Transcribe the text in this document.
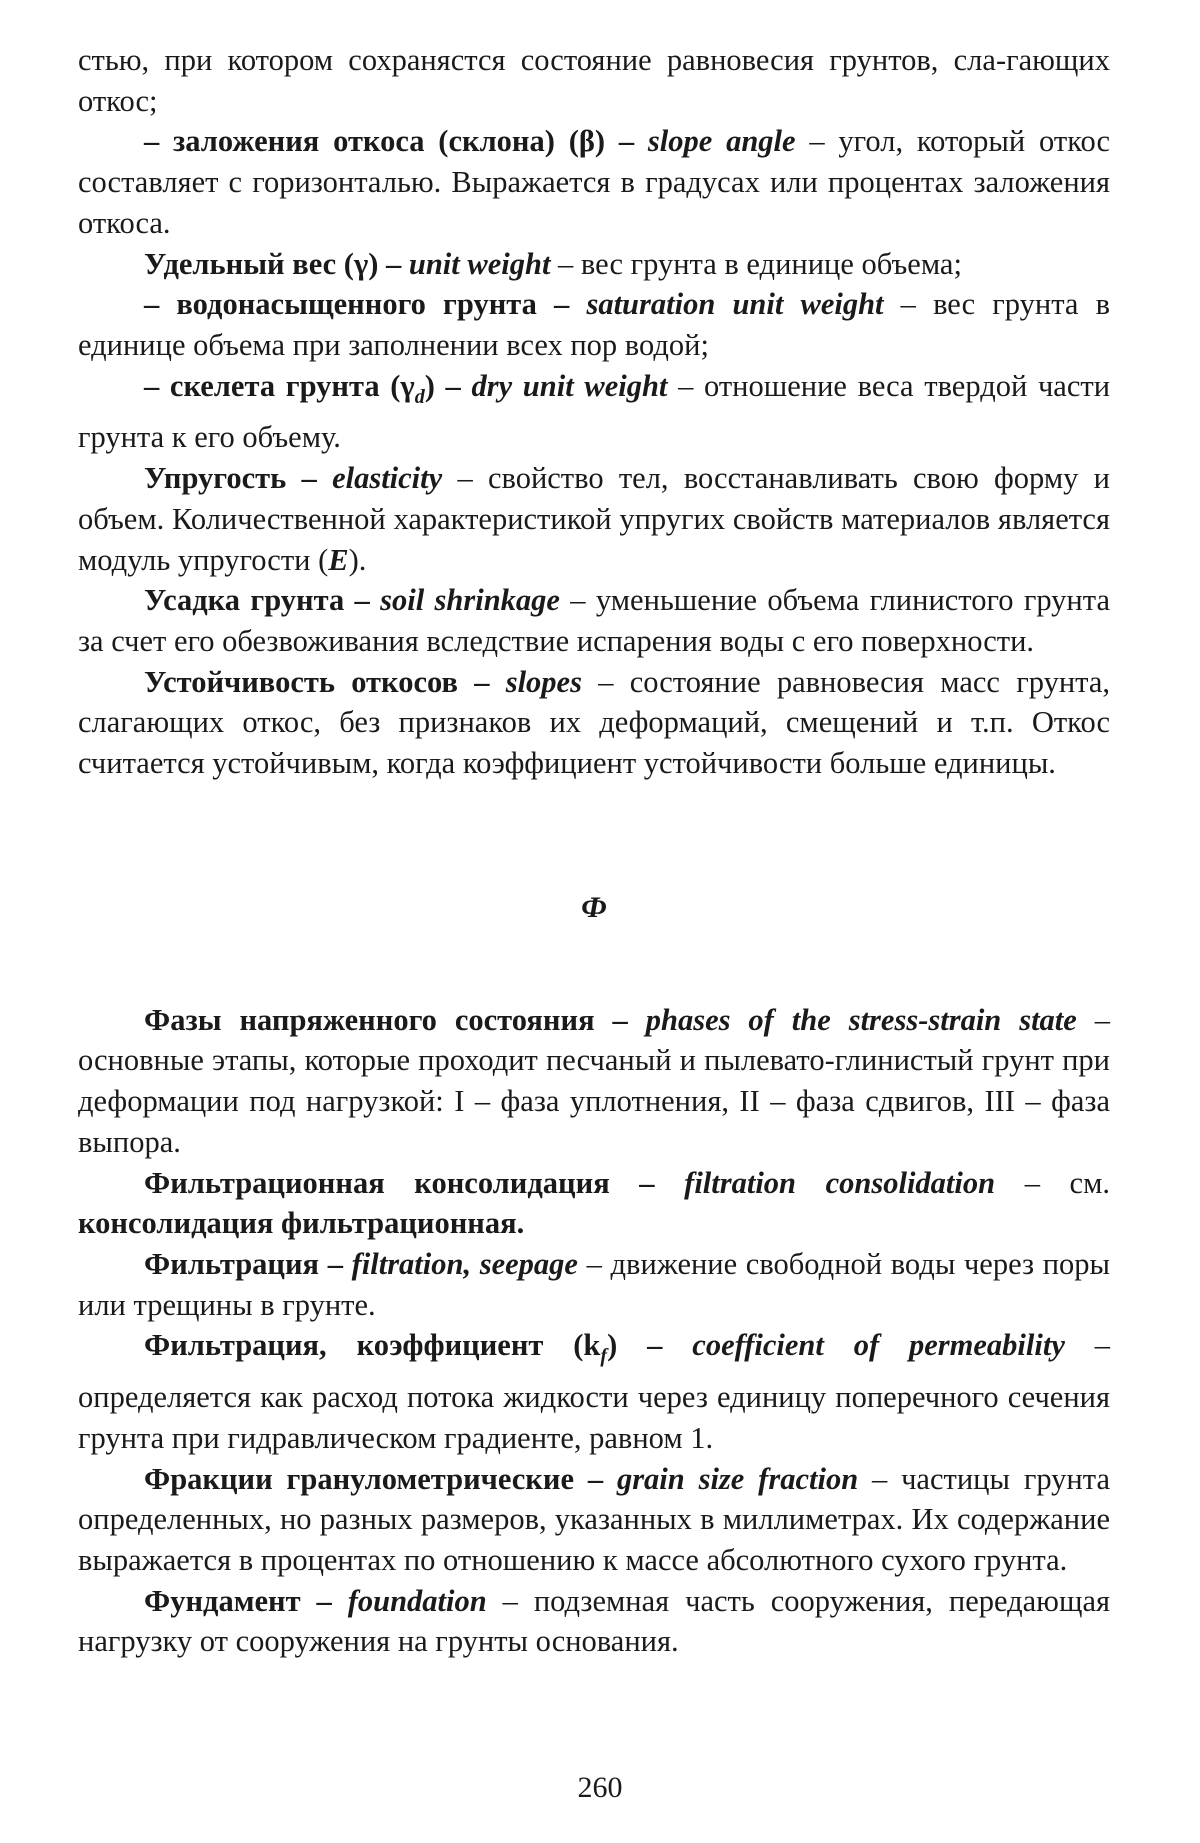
стью, при котором сохранястся состояние равновесия грунтов, сла-гающих откос;

– заложения откоса (склона) (β) – slope angle – угол, который откос составляет с горизонталью. Выражается в градусах или процентах заложения откоса.

Удельный вес (γ) – unit weight – вес грунта в единице объема;

– водонасыщенного грунта – saturation unit weight – вес грунта в единице объема при заполнении всех пор водой;

– скелета грунта $(\gamma_d)$ – dry unit weight – отношение веса твердой части грунта к его объему.

Упругость – elasticity – свойство тел, восстанавливать свою форму и объем. Количественной характеристикой упругих свойств материалов является модуль упругости (E).

Усадка грунта – soil shrinkage – уменьшение объема глинистого грунта за счет его обезвоживания вследствие испарения воды с его поверхности.

Устойчивость откосов – slopes – состояние равновесия масс грунта, слагающих откос, без признаков их деформаций, смещений и т.п. Откос считается устойчивым, когда коэффициент устойчивости больше единицы.

Ф

Фазы напряженного состояния – phases of the stress-strain state – основные этапы, которые проходит песчаный и пылевато-глинистый грунт при деформации под нагрузкой: I – фаза уплотнения, II – фаза сдвигов, III – фаза выпора.

Фильтрационная консолидация – filtration consolidation – см. консолидация фильтрационная.

Фильтрация – filtration, seepage – движение свободной воды через поры или трещины в грунте.

Фильтрация, коэффициент $(k_f)$ – coefficient of permeability – определяется как расход потока жидкости через единицу поперечного сечения грунта при гидравлическом градиенте, равном 1.

Фракции гранулометрические – grain size fraction – частицы грунта определенных, но разных размеров, указанных в миллиметрах. Их содержание выражается в процентах по отношению к массе абсолютного сухого грунта.

Фундамент – foundation – подземная часть сооружения, передающая нагрузку от сооружения на грунты основания.

260
